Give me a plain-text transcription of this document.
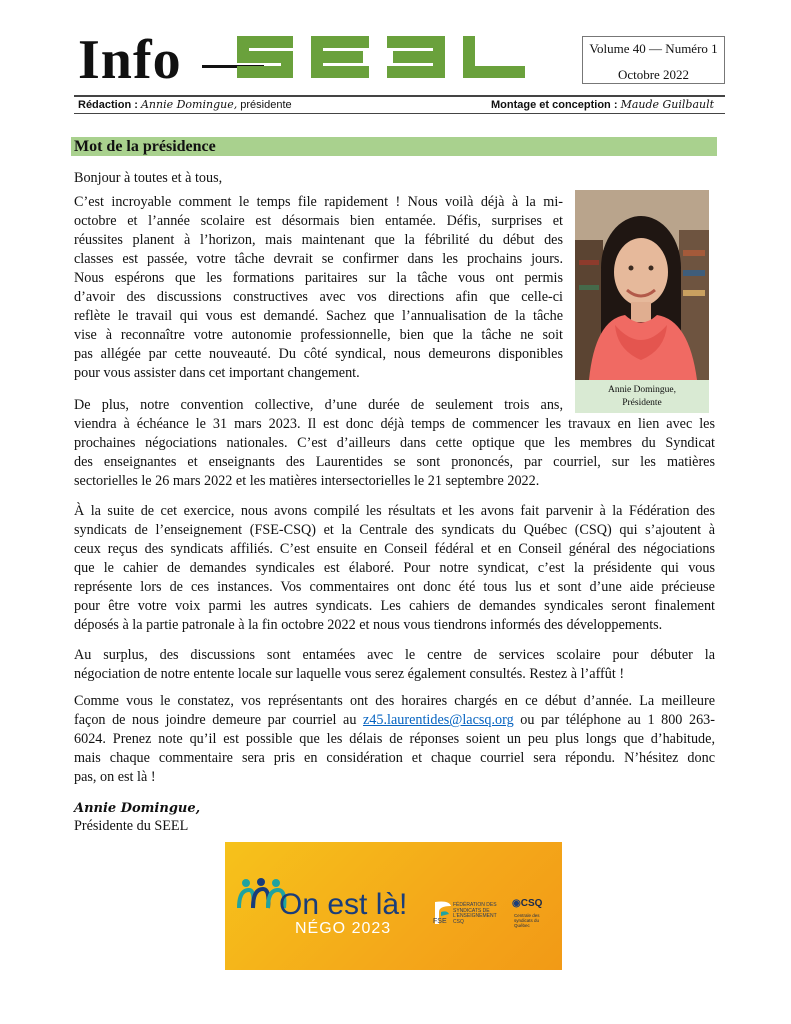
Info	Volume 40 — Numéro 1
Octobre 2022
Rédaction : Annie Domingue, présidente	Montage et conception : Maude Guilbault
Mot de la présidence
Bonjour à toutes et à tous,
C’est incroyable comment le temps file rapidement ! Nous voilà déjà à la mi-
octobre et l’année scolaire est désormais bien entamée. Défis, surprises et
réussites planent à l’horizon, mais maintenant que la fébrilité du début des
classes est passée, votre tâche devrait se confirmer dans les prochains jours.
Nous espérons que les formations paritaires sur la tâche vous ont permis
d’avoir des discussions constructives avec vos directions afin que celle-ci
reflète le travail qui vous est demandé. Sachez que l’annualisation de la tâche
vise à reconnaître votre autonomie professionnelle, bien que la tâche ne soit
pas allégée par cette nouveauté. Du côté syndical, nous demeurons disponibles
pour vous assister dans cet important changement.
De plus, notre convention collective, d’une durée de seulement trois ans,
viendra à échéance le 31 mars 2023. Il est donc déjà temps de commencer les travaux en lien avec les
prochaines négociations nationales. C’est d’ailleurs dans cette optique que les membres du Syndicat
des enseignantes et enseignants des Laurentides se sont prononcés, par courriel, sur les matières
sectorielles le 26 mars 2022 et les matières intersectorielles le 21 septembre 2022.
À la suite de cet exercice, nous avons compilé les résultats et les avons fait parvenir à la Fédération des
syndicats de l’enseignement (FSE-CSQ) et la Centrale des syndicats du Québec (CSQ) qui s’ajoutent à
ceux reçus des syndicats affiliés. C’est ensuite en Conseil fédéral et en Conseil général des négociations
que le cahier de demandes syndicales est élaboré. Pour notre syndicat, c’est la présidente qui vous
représente lors de ces instances. Vos commentaires ont donc été tous lus et sont d’une aide précieuse
pour être votre voix parmi les autres syndicats. Les cahiers de demandes syndicales seront finalement
déposés à la partie patronale à la fin octobre 2022 et nous vous tiendrons informés des développements.
Au surplus, des discussions sont entamées avec le centre de services scolaire pour débuter la
négociation de notre entente locale sur laquelle vous serez également consultés. Restez à l’affût !
Comme vous le constatez, vos représentants ont des horaires chargés en ce début d’année. La meilleure
façon de nous joindre demeure par courriel au z45.laurentides@lacsq.org ou par téléphone au 1 800 263-
6024. Prenez note qu’il est possible que les délais de réponses soient un peu plus longs que d’habitude,
mais chaque commentaire sera pris en considération et chaque courriel sera répondu. N’hésitez donc
pas, on est là !
Annie Domingue,
Présidente
Annie Domingue,
Présidente du SEEL
On est là!
NÉGO 2023	FSE
FÉDÉRATION DES SYNDICATS DE L’ENSEIGNEMENT CSQ
◉CSQ
Centrale des syndicats du Québec
